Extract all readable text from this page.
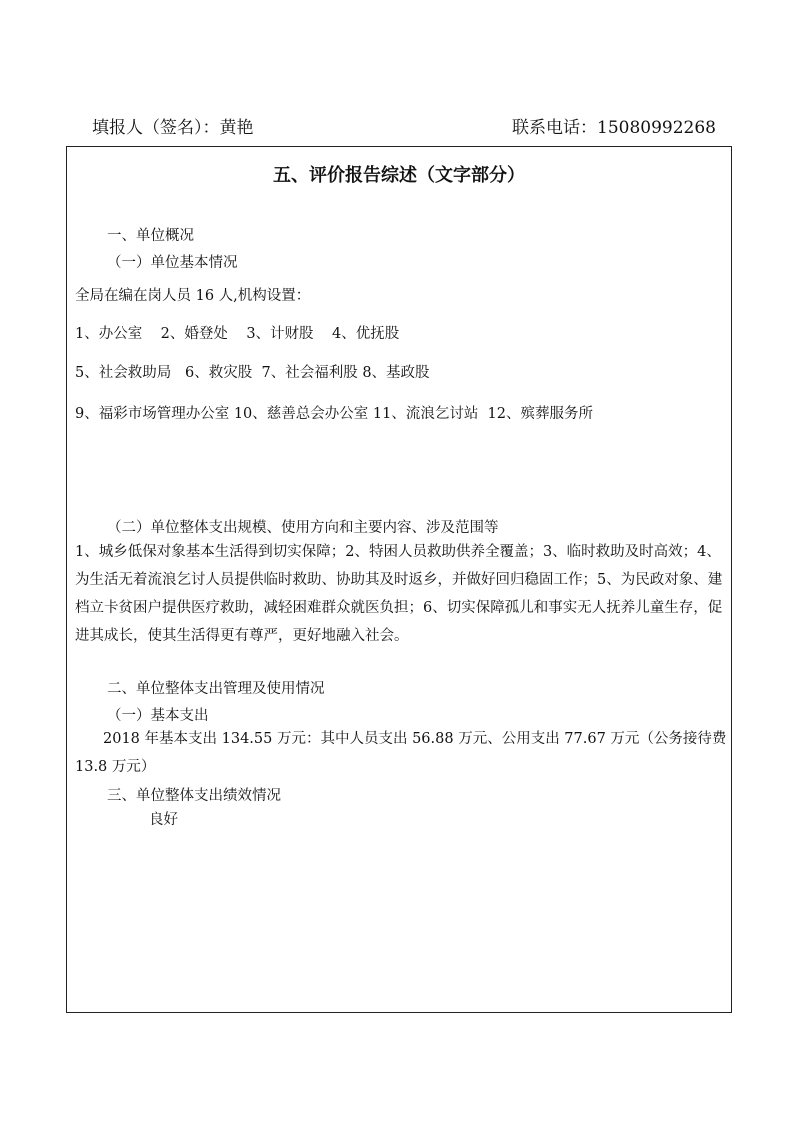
填报人（签名）：黄艳	联系电话：15080992268
五、评价报告综述（文字部分）
一、单位概况
（一）单位基本情况
全局在编在岗人员 16 人,机构设置：
1、办公室    2、婚登处    3、计财股    4、优抚股
5、社会救助局   6、救灾股  7、社会福利股 8、基政股
9、福彩市场管理办公室 10、慈善总会办公室 11、流浪乞讨站  12、殡葬服务所
（二）单位整体支出规模、使用方向和主要内容、涉及范围等
1、城乡低保对象基本生活得到切实保障；2、特困人员救助供养全覆盖；3、临时救助及时高效；4、为生活无着流浪乞讨人员提供临时救助、协助其及时返乡，并做好回归稳固工作；5、为民政对象、建档立卡贫困户提供医疗救助，减轻困难群众就医负担；6、切实保障孤儿和事实无人抚养儿童生存，促进其成长，使其生活得更有尊严，更好地融入社会。
二、单位整体支出管理及使用情况
（一）基本支出
2018 年基本支出 134.55 万元：其中人员支出 56.88 万元、公用支出 77.67 万元（公务接待费 13.8 万元）
三、单位整体支出绩效情况
良好
